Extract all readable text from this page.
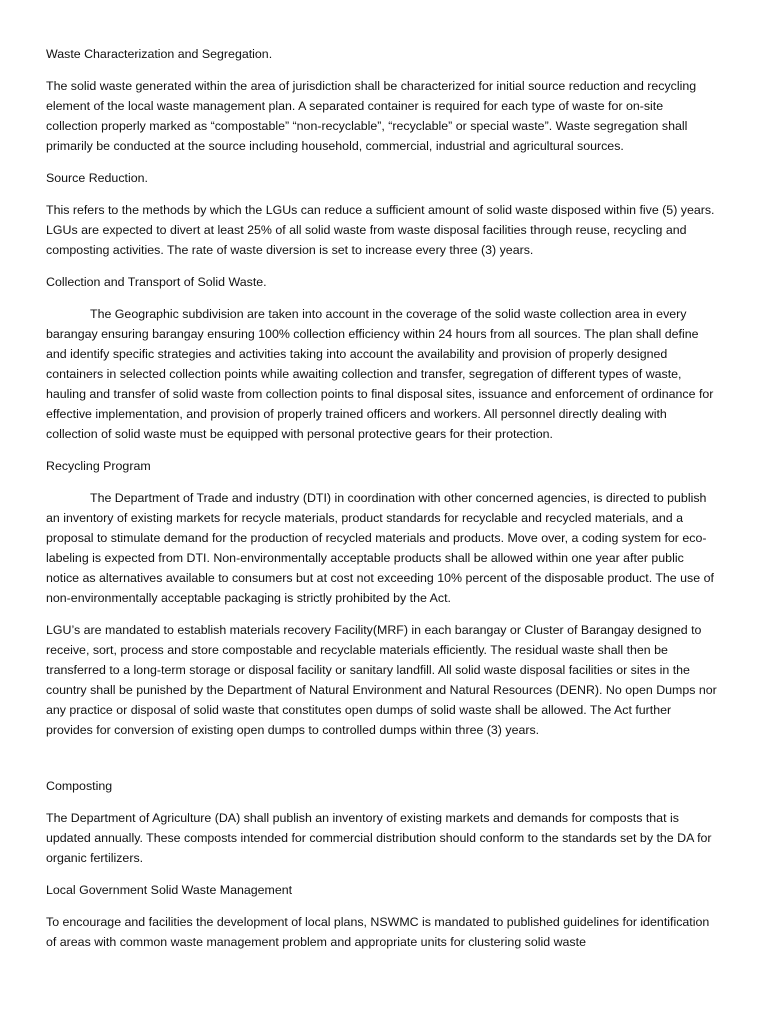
Waste Characterization and Segregation.

The solid waste generated within the area of jurisdiction shall be characterized for initial source reduction and recycling element of the local waste management plan. A separated container is required for each type of waste for on-site collection properly marked as “compostable” “non-recyclable”, “recyclable” or special waste”. Waste segregation shall primarily be conducted at the source including household, commercial, industrial and agricultural sources.

Source Reduction.

This refers to the methods by which the LGUs can reduce a sufficient amount of solid waste disposed within five (5) years. LGUs are expected to divert at least 25% of all solid waste from waste disposal facilities through reuse, recycling and composting activities. The rate of waste diversion is set to increase every three (3) years.

Collection and Transport of Solid Waste.

The Geographic subdivision are taken into account in the coverage of the solid waste collection area in every barangay ensuring barangay ensuring 100% collection efficiency within 24 hours from all sources. The plan shall define and identify specific strategies and activities taking into account the availability and provision of properly designed containers in selected collection points while awaiting collection and transfer, segregation of different types of waste, hauling and transfer of solid waste from collection points to final disposal sites, issuance and enforcement of ordinance for effective implementation, and provision of properly trained officers and workers. All personnel directly dealing with collection of solid waste must be equipped with personal protective gears for their protection.

Recycling Program

The Department of Trade and industry (DTI) in coordination with other concerned agencies, is directed to publish an inventory of existing markets for recycle materials, product standards for recyclable and recycled materials, and a proposal to stimulate demand for the production of recycled materials and products. Move over, a coding system for eco-labeling is expected from DTI. Non-environmentally acceptable products shall be allowed within one year after public notice as alternatives available to consumers but at cost not exceeding 10% percent of the disposable product. The use of non-environmentally acceptable packaging is strictly prohibited by the Act.

LGU’s are mandated to establish materials recovery Facility(MRF) in each barangay or Cluster of Barangay designed to receive, sort, process and store compostable and recyclable materials efficiently. The residual waste shall then be transferred to a long-term storage or disposal facility or sanitary landfill. All solid waste disposal facilities or sites in the country shall be punished by the Department of Natural Environment and Natural Resources (DENR). No open Dumps nor any practice or disposal of solid waste that constitutes open dumps of solid waste shall be allowed. The Act further provides for conversion of existing open dumps to controlled dumps within three (3) years.

Composting

The Department of Agriculture (DA) shall publish an inventory of existing markets and demands for composts that is updated annually. These composts intended for commercial distribution should conform to the standards set by the DA for organic fertilizers.

Local Government Solid Waste Management

To encourage and facilities the development of local plans, NSWMC is mandated to published guidelines for identification of areas with common waste management problem and appropriate units for clustering solid waste
